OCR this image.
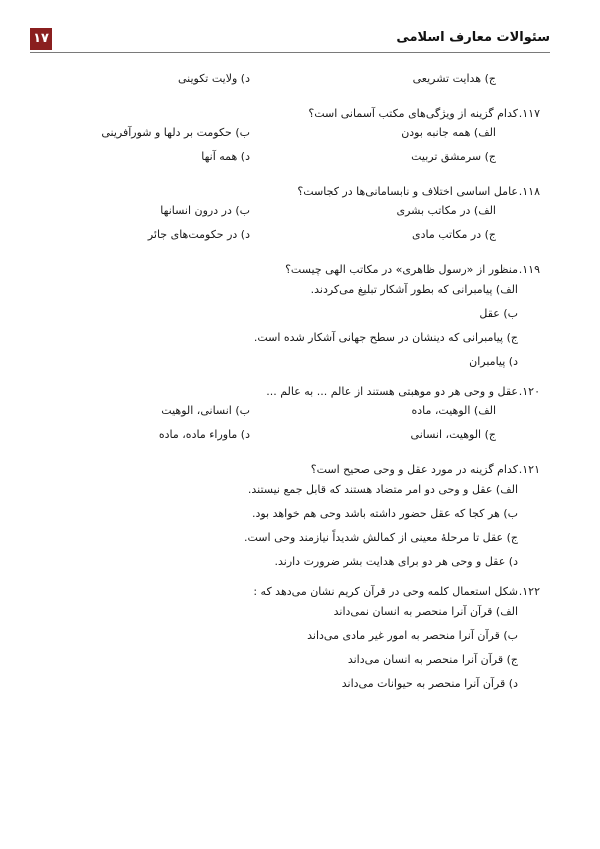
۱۷	سئوالات معارف اسلامی
ج) هدایت تشریعی
د) ولایت تکوینی
۱۱۷.کدام گزینه از ویژگی‌های مکتب آسمانی است؟
الف) همه جانبه بودن
ب) حکومت بر دلها و شورآفرینی
ج) سرمشق تربیت
د) همه آنها
۱۱۸.عامل اساسی اختلاف و نابسامانی‌ها در کجاست؟
الف) در مکاتب بشری
ب) در درون انسانها
ج) در مکاتب مادی
د) در حکومت‌های جائر
۱۱۹.منظور از «رسول ظاهری» در مکاتب الهی چیست؟
الف) پیامبرانی که بطور آشکار تبلیغ می‌کردند.
ب) عقل
ج) پیامبرانی که دینشان در سطح جهانی آشکار شده است.
د) پیامبران
۱۲۰.عقل و وحی هر دو موهبتی هستند از عالم ... به عالم ...
الف) الوهیت، ماده
ب) انسانی، الوهیت
ج) الوهیت، انسانی
د) ماوراء ماده، ماده
۱۲۱.کدام گزینه در مورد عقل و وحی صحیح است؟
الف) عقل و وحی دو امر متضاد هستند که قابل جمع نیستند.
ب) هر کجا که عقل حضور داشته باشد وحی هم خواهد بود.
ج) عقل تا مرحلهٔ معینی از کمالش شدیداً نیازمند وحی است.
د) عقل و وحی هر دو برای هدایت بشر ضرورت دارند.
۱۲۲.شکل استعمال کلمه وحی در قرآن کریم نشان می‌دهد که :
الف) قرآن آنرا منحصر به انسان نمی‌داند
ب) قرآن آنرا منحصر به امور غیر مادی می‌داند
ج) قرآن آنرا منحصر به انسان می‌داند
د) قرآن آنرا منحصر به حیوانات می‌داند
